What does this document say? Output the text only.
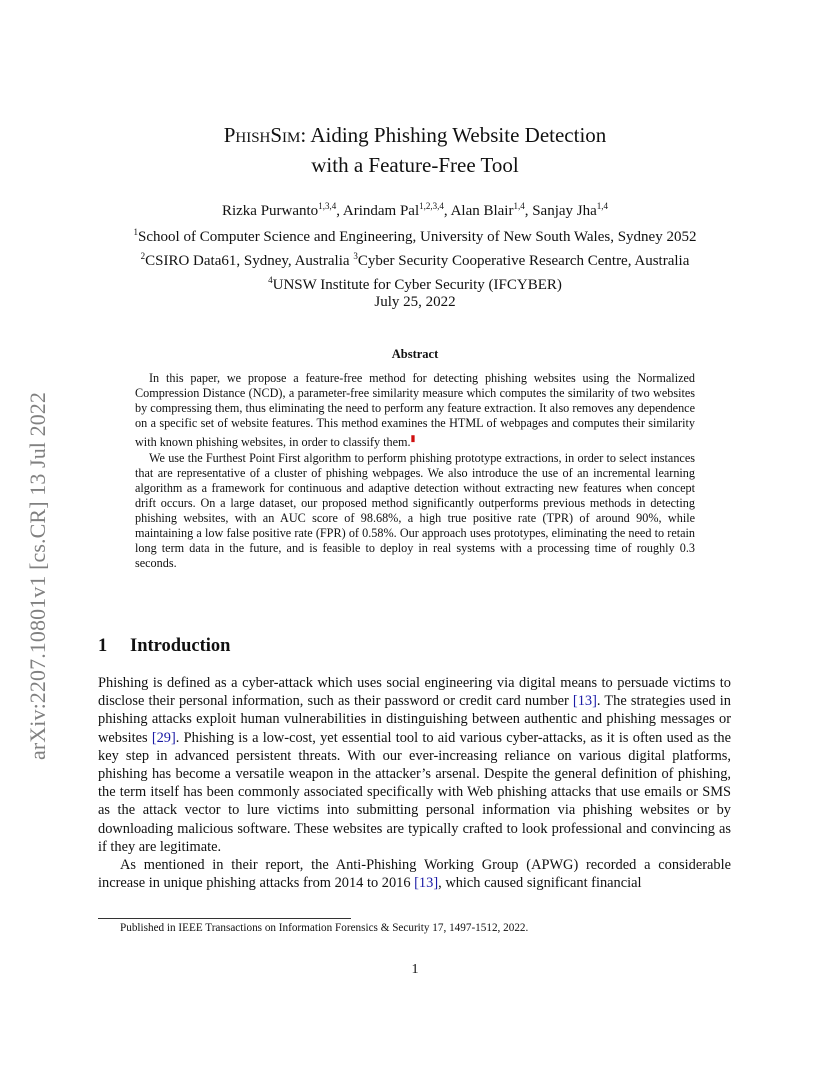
arXiv:2207.10801v1 [cs.CR] 13 Jul 2022
PhishSim: Aiding Phishing Website Detection
with a Feature-Free Tool
Rizka Purwanto$^{1,3,4}$, Arindam Pal$^{1,2,3,4}$, Alan Blair$^{1,4}$, Sanjay Jha$^{1,4}$
$^1$School of Computer Science and Engineering, University of New South Wales, Sydney 2052
$^2$CSIRO Data61, Sydney, Australia $^3$Cyber Security Cooperative Research Centre, Australia
$^4$UNSW Institute for Cyber Security (IFCYBER)
July 25, 2022
Abstract

In this paper, we propose a feature-free method for detecting phishing websites using the Normalized Compression Distance (NCD), a parameter-free similarity measure which computes the similarity of two websites by compressing them, thus eliminating the need to perform any feature extraction. It also removes any dependence on a specific set of website features. This method examines the HTML of webpages and computes their similarity with known phishing websites, in order to classify them.▮

We use the Furthest Point First algorithm to perform phishing prototype extractions, in order to select instances that are representative of a cluster of phishing webpages. We also introduce the use of an incremental learning algorithm as a framework for continuous and adaptive detection without extracting new features when concept drift occurs. On a large dataset, our proposed method significantly outperforms previous methods in detecting phishing websites, with an AUC score of 98.68%, a high true positive rate (TPR) of around 90%, while maintaining a low false positive rate (FPR) of 0.58%. Our approach uses prototypes, eliminating the need to retain long term data in the future, and is feasible to deploy in real systems with a processing time of roughly 0.3 seconds.

1 Introduction

Phishing is defined as a cyber-attack which uses social engineering via digital means to persuade victims to disclose their personal information, such as their password or credit card number [13]. The strategies used in phishing attacks exploit human vulnerabilities in distinguishing between authentic and phishing messages or websites [29]. Phishing is a low-cost, yet essential tool to aid various cyber-attacks, as it is often used as the key step in advanced persistent threats. With our ever-increasing reliance on various digital platforms, phishing has become a versatile weapon in the attacker’s arsenal. Despite the general definition of phishing, the term itself has been commonly associated specifically with Web phishing attacks that use emails or SMS as the attack vector to lure victims into submitting personal information via phishing websites or by downloading malicious software. These websites are typically crafted to look professional and convincing as if they are legitimate.

As mentioned in their report, the Anti-Phishing Working Group (APWG) recorded a considerable increase in unique phishing attacks from 2014 to 2016 [13], which caused significant financial

Published in IEEE Transactions on Information Forensics & Security 17, 1497-1512, 2022.
1
